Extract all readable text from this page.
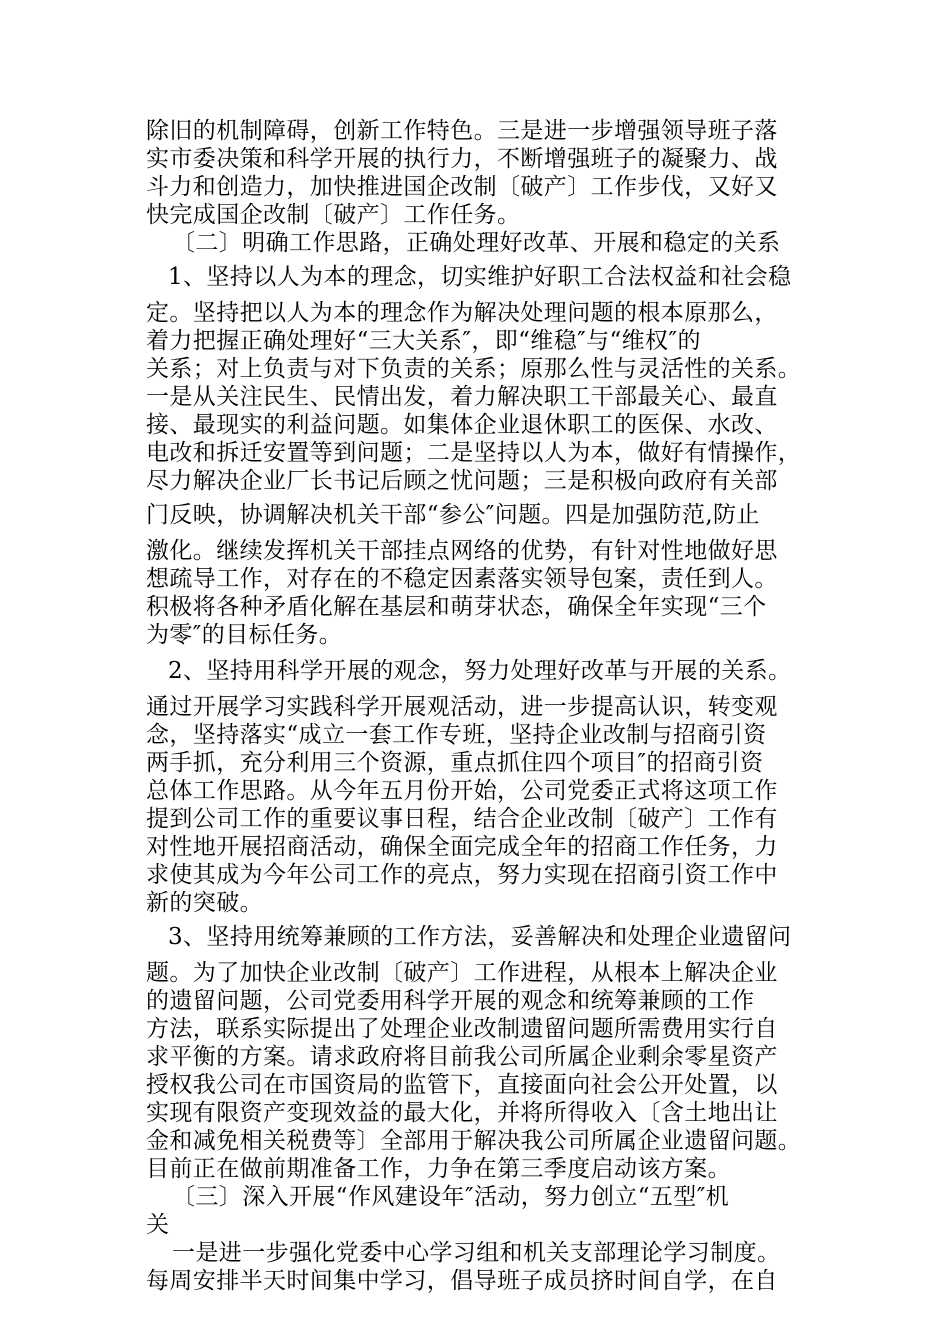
除旧的机制障碍，创新工作特色。三是进一步增强领导班子落
实市委决策和科学开展的执行力，不断增强班子的凝聚力、战
斗力和创造力，加快推进国企改制〔破产〕工作步伐，又好又
快完成国企改制〔破产〕工作任务。
〔二〕明确工作思路，正确处理好改革、开展和稳定的关系
1、坚持以人为本的理念，切实维护好职工合法权益和社会稳
定。坚持把以人为本的理念作为解决处理问题的根本原那么，
着力把握正确处理好“三大关系″，即“维稳″与“维权″的
关系；对上负责与对下负责的关系；原那么性与灵活性的关系。
一是从关注民生、民情出发，着力解决职工干部最关心、最直
接、最现实的利益问题。如集体企业退休职工的医保、水改、
电改和拆迁安置等到问题；二是坚持以人为本，做好有情操作，
尽力解决企业厂长书记后顾之忧问题；三是积极向政府有关部
门反映，协调解决机关干部“参公″问题。四是加强防范,防止
激化。继续发挥机关干部挂点网络的优势，有针对性地做好思
想疏导工作，对存在的不稳定因素落实领导包案，责任到人。
积极将各种矛盾化解在基层和萌芽状态，确保全年实现“三个
为零″的目标任务。
2、坚持用科学开展的观念，努力处理好改革与开展的关系。
通过开展学习实践科学开展观活动，进一步提高认识，转变观
念，坚持落实“成立一套工作专班，坚持企业改制与招商引资
两手抓，充分利用三个资源，重点抓住四个项目″的招商引资
总体工作思路。从今年五月份开始，公司党委正式将这项工作
提到公司工作的重要议事日程，结合企业改制〔破产〕工作有
对性地开展招商活动，确保全面完成全年的招商工作任务，力
求使其成为今年公司工作的亮点，努力实现在招商引资工作中
新的突破。
3、坚持用统筹兼顾的工作方法，妥善解决和处理企业遗留问
题。为了加快企业改制〔破产〕工作进程，从根本上解决企业
的遗留问题，公司党委用科学开展的观念和统筹兼顾的工作
方法，联系实际提出了处理企业改制遗留问题所需费用实行自
求平衡的方案。请求政府将目前我公司所属企业剩余零星资产
授权我公司在市国资局的监管下，直接面向社会公开处置，以
实现有限资产变现效益的最大化，并将所得收入〔含土地出让
金和减免相关税费等〕全部用于解决我公司所属企业遗留问题。
目前正在做前期准备工作，力争在第三季度启动该方案。
〔三〕深入开展“作风建设年″活动，努力创立“五型″机
关
一是进一步强化党委中心学习组和机关支部理论学习制度。
每周安排半天时间集中学习，倡导班子成员挤时间自学，在自
